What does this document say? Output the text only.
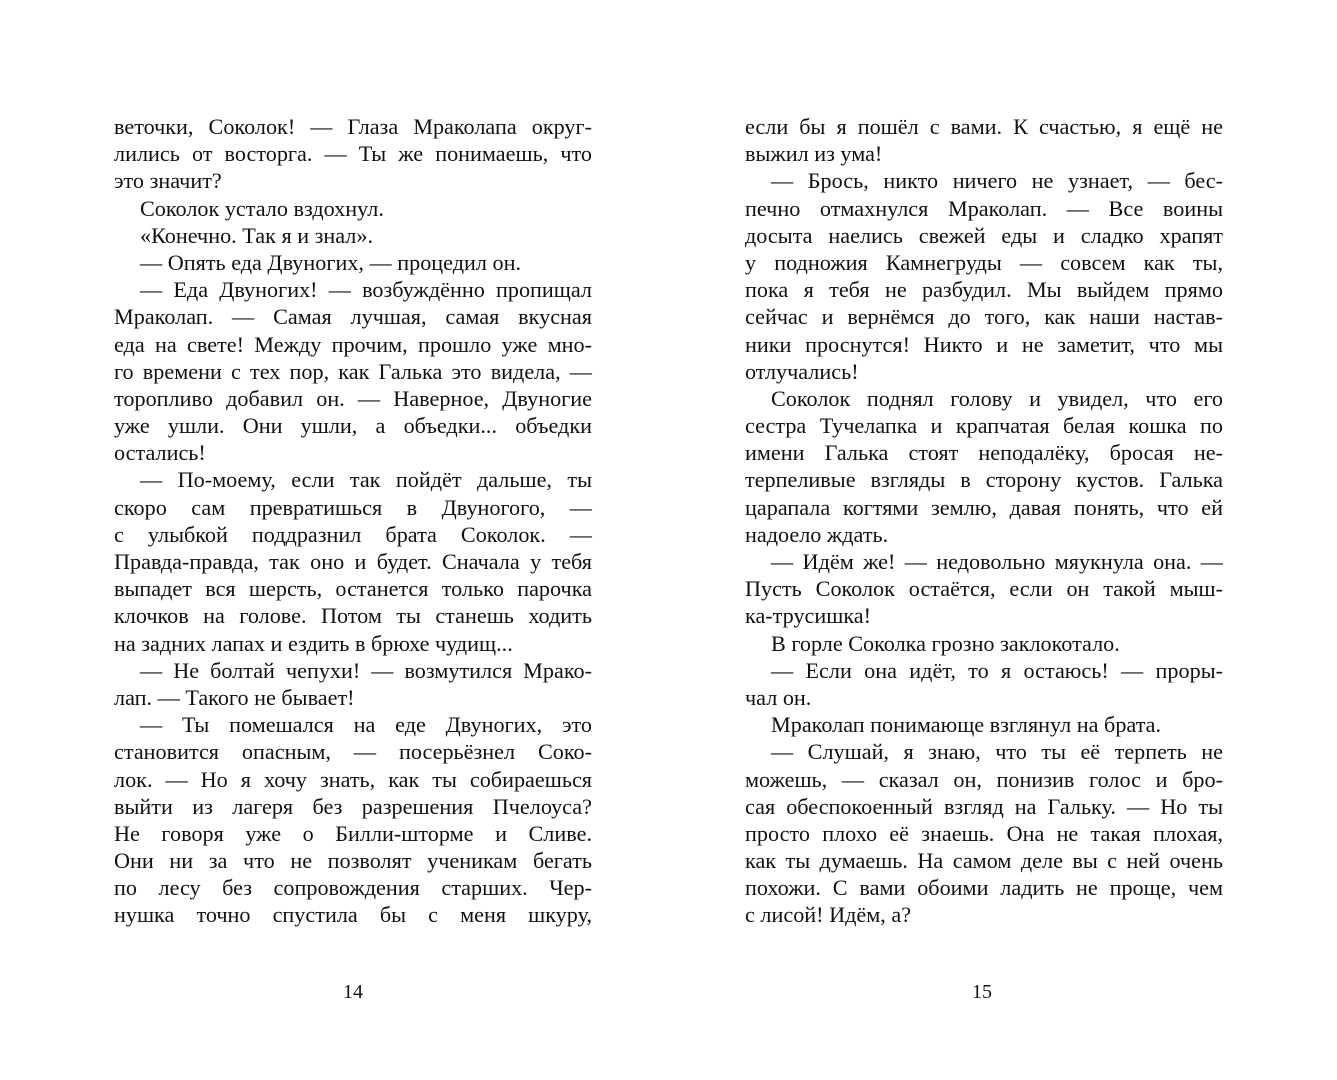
веточки, Соколок! — Глаза Мраколапа округ-
лились от восторга. — Ты же понимаешь, что
это значит?
Соколок устало вздохнул.
«Конечно. Так я и знал».
— Опять еда Двуногих, — процедил он.
— Еда Двуногих! — возбуждённо пропищал
Мраколап. — Самая лучшая, самая вкусная
еда на свете! Между прочим, прошло уже мно-
го времени с тех пор, как Галька это видела, —
торопливо добавил он. — Наверное, Двуногие
уже ушли. Они ушли, а объедки... объедки
остались!
— По-моему, если так пойдёт дальше, ты
скоро сам превратишься в Двуногого, —
с улыбкой поддразнил брата Соколок. —
Правда-правда, так оно и будет. Сначала у тебя
выпадет вся шерсть, останется только парочка
клочков на голове. Потом ты станешь ходить
на задних лапах и ездить в брюхе чудищ...
— Не болтай чепухи! — возмутился Мрако-
лап. — Такого не бывает!
— Ты помешался на еде Двуногих, это
становится опасным, — посерьёзнел Соко-
лок. — Но я хочу знать, как ты собираешься
выйти из лагеря без разрешения Пчелоуса?
Не говоря уже о Билли-шторме и Сливе.
Они ни за что не позволят ученикам бегать
по лесу без сопровождения старших. Чер-
нушка точно спустила бы с меня шкуру,
если бы я пошёл с вами. К счастью, я ещё не
выжил из ума!
— Брось, никто ничего не узнает, — бес-
печно отмахнулся Мраколап. — Все воины
досыта наелись свежей еды и сладко храпят
у подножия Камнегруды — совсем как ты,
пока я тебя не разбудил. Мы выйдем прямо
сейчас и вернёмся до того, как наши настав-
ники проснутся! Никто и не заметит, что мы
отлучались!
Соколок поднял голову и увидел, что его
сестра Тучелапка и крапчатая белая кошка по
имени Галька стоят неподалёку, бросая не-
терпеливые взгляды в сторону кустов. Галька
царапала когтями землю, давая понять, что ей
надоело ждать.
— Идём же! — недовольно мяукнула она. —
Пусть Соколок остаётся, если он такой мыш-
ка-трусишка!
В горле Соколка грозно заклокотало.
— Если она идёт, то я остаюсь! — проры-
чал он.
Мраколап понимающе взглянул на брата.
— Слушай, я знаю, что ты её терпеть не
можешь, — сказал он, понизив голос и бро-
сая обеспокоенный взгляд на Гальку. — Но ты
просто плохо её знаешь. Она не такая плохая,
как ты думаешь. На самом деле вы с ней очень
похожи. С вами обоими ладить не проще, чем
с лисой! Идём, а?
14	15
